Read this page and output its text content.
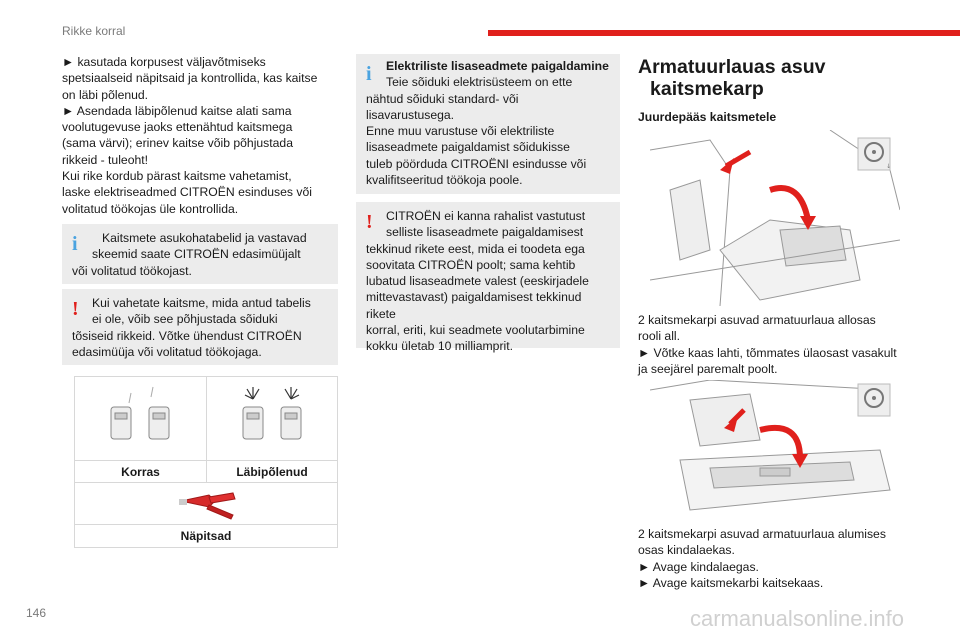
Rikke korral

► kasutada korpusest väljavõtmiseks

spetsiaalseid näpitsaid ja kontrollida, kas kaitse

on läbi põlenud.

► Asendada läbipõlenud kaitse alati sama

voolutugevuse jaoks ettenähtud kaitsmega

(sama värvi); erinev kaitse võib põhjustada

rikkeid - tuleoht!

Kui rike kordub pärast kaitsme vahetamist,

laske elektriseadmed CITROËN esinduses või

volitatud töökojas üle kontrollida.

i	Kaitsmete asukohatabelid ja vastavad

skeemid saate CITROËN edasimüüjalt

või volitatud töökojast.

!	Kui vahetate kaitsme, mida antud tabelis

ei ole, võib see põhjustada sõiduki

tõsiseid rikkeid. Võtke ühendust CITROËN

edasimüüja või volitatud töökojaga.

Korras	Läbipõlenud
Näpitsad
i	Elektriliste lisaseadmete paigaldamine

Teie sõiduki elektrisüsteem on ette

nähtud sõiduki standard- või

lisavarustusega.

Enne muu varustuse või elektriliste

lisaseadmete paigaldamist sõidukisse

tuleb pöörduda CITROËNI esindusse või

kvalifitseeritud töökoja poole.

!	CITROËN ei kanna rahalist vastutust

selliste lisaseadmete paigaldamisest

tekkinud rikete eest, mida ei toodeta ega

soovitata CITROËN poolt; sama kehtib

lubatud lisaseadmete valest (eeskirjadele

mittevastavast) paigaldamisest tekkinud rikete

korral, eriti, kui seadmete voolutarbimine

kokku ületab 10 milliamprit.

Armatuurlauas asuv
kaitsmekarp
Juurdepääs kaitsmetele
↓

2 kaitsmekarpi asuvad armatuurlaua allosas

rooli all.

► Võtke kaas lahti, tõmmates ülaosast vasakult

ja seejärel paremalt poolt.

2 kaitsmekarpi asuvad armatuurlaua alumises

osas kindalaekas.

► Avage kindalaegas.

► Avage kaitsmekarbi kaitsekaas.

146	carmanualsonline.info
